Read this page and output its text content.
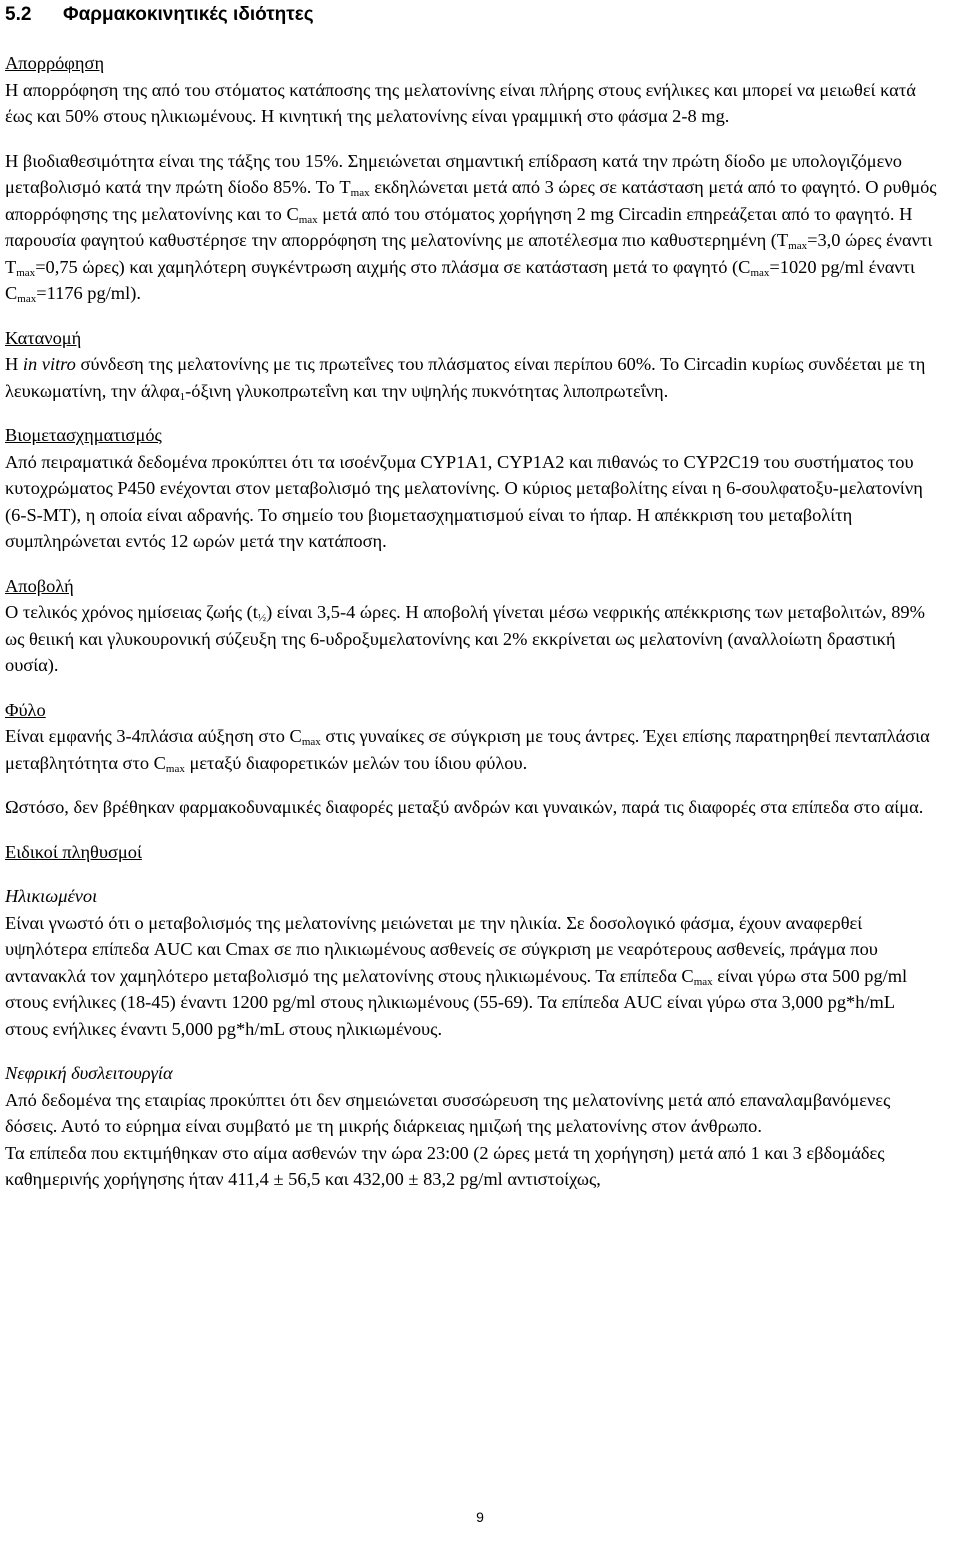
5.2 Φαρμακοκινητικές ιδιότητες
Απορρόφηση

Η απορρόφηση της από του στόματος κατάποσης της μελατονίνης είναι πλήρης στους ενήλικες και μπορεί να μειωθεί κατά έως και 50% στους ηλικιωμένους. Η κινητική της μελατονίνης είναι γραμμική στο φάσμα 2-8 mg.

Η βιοδιαθεσιμότητα είναι της τάξης του 15%. Σημειώνεται σημαντική επίδραση κατά την πρώτη δίοδο με υπολογιζόμενο μεταβολισμό κατά την πρώτη δίοδο 85%. Το $T_{max}$ εκδηλώνεται μετά από 3 ώρες σε κατάσταση μετά από το φαγητό. Ο ρυθμός απορρόφησης της μελατονίνης και το $C_{max}$ μετά από του στόματος χορήγηση 2 mg Circadin επηρεάζεται από το φαγητό. Η παρουσία φαγητού καθυστέρησε την απορρόφηση της μελατονίνης με αποτέλεσμα πιο καθυστερημένη ($T_{max}=3,0$ ώρες έναντι $T_{max}=0,75$ ώρες) και χαμηλότερη συγκέντρωση αιχμής στο πλάσμα σε κατάσταση μετά το φαγητό ($C_{max}=1020$ pg/ml έναντι $C_{max}=1176$ pg/ml).

Κατανομή

Η in vitro σύνδεση της μελατονίνης με τις πρωτεΐνες του πλάσματος είναι περίπου 60%. Το Circadin κυρίως συνδέεται με τη λευκωματίνη, την άλφα$_1$-όξινη γλυκοπρωτεΐνη και την υψηλής πυκνότητας λιποπρωτεΐνη.

Βιομετασχηματισμός

Από πειραματικά δεδομένα προκύπτει ότι τα ισοένζυμα CYP1A1, CYP1A2 και πιθανώς το CYP2C19 του συστήματος του κυτοχρώματος P450 ενέχονται στον μεταβολισμό της μελατονίνης. Ο κύριος μεταβολίτης είναι η 6-σουλφατοξυ-μελατονίνη (6-S-MT), η οποία είναι αδρανής. Το σημείο του βιομετασχηματισμού είναι το ήπαρ. Η απέκκριση του μεταβολίτη συμπληρώνεται εντός 12 ωρών μετά την κατάποση.

Αποβολή

Ο τελικός χρόνος ημίσειας ζωής $(t_{\frac{1}{2}})$ είναι 3,5-4 ώρες. Η αποβολή γίνεται μέσω νεφρικής απέκκρισης των μεταβολιτών, 89% ως θειική και γλυκουρονική σύζευξη της 6-υδροξυμελατονίνης και 2% εκκρίνεται ως μελατονίνη (αναλλοίωτη δραστική ουσία).

Φύλο

Είναι εμφανής 3-4πλάσια αύξηση στο $C_{max}$ στις γυναίκες σε σύγκριση με τους άντρες. Έχει επίσης παρατηρηθεί πενταπλάσια μεταβλητότητα στο $C_{max}$ μεταξύ διαφορετικών μελών του ίδιου φύλου.

Ωστόσο, δεν βρέθηκαν φαρμακοδυναμικές διαφορές μεταξύ ανδρών και γυναικών, παρά τις διαφορές στα επίπεδα στο αίμα.

Ειδικοί πληθυσμοί
Ηλικιωμένοι

Είναι γνωστό ότι ο μεταβολισμός της μελατονίνης μειώνεται με την ηλικία. Σε δοσολογικό φάσμα, έχουν αναφερθεί υψηλότερα επίπεδα AUC και Cmax σε πιο ηλικιωμένους ασθενείς σε σύγκριση με νεαρότερους ασθενείς, πράγμα που αντανακλά τον χαμηλότερο μεταβολισμό της μελατονίνης στους ηλικιωμένους. Τα επίπεδα $C_{max}$ είναι γύρω στα 500 pg/ml στους ενήλικες (18-45) έναντι 1200 pg/ml στους ηλικιωμένους (55-69). Τα επίπεδα AUC είναι γύρω στα 3,000 pg*h/mL στους ενήλικες έναντι 5,000 pg*h/mL στους ηλικιωμένους.

Νεφρική δυσλειτουργία

Από δεδομένα της εταιρίας προκύπτει ότι δεν σημειώνεται συσσώρευση της μελατονίνης μετά από επαναλαμβανόμενες δόσεις. Αυτό το εύρημα είναι συμβατό με τη μικρής διάρκειας ημιζωή της μελατονίνης στον άνθρωπο.

Τα επίπεδα που εκτιμήθηκαν στο αίμα ασθενών την ώρα 23:00 (2 ώρες μετά τη χορήγηση) μετά από 1 και 3 εβδομάδες καθημερινής χορήγησης ήταν 411,4 ± 56,5 και 432,00 ± 83,2 pg/ml αντιστοίχως,

9
